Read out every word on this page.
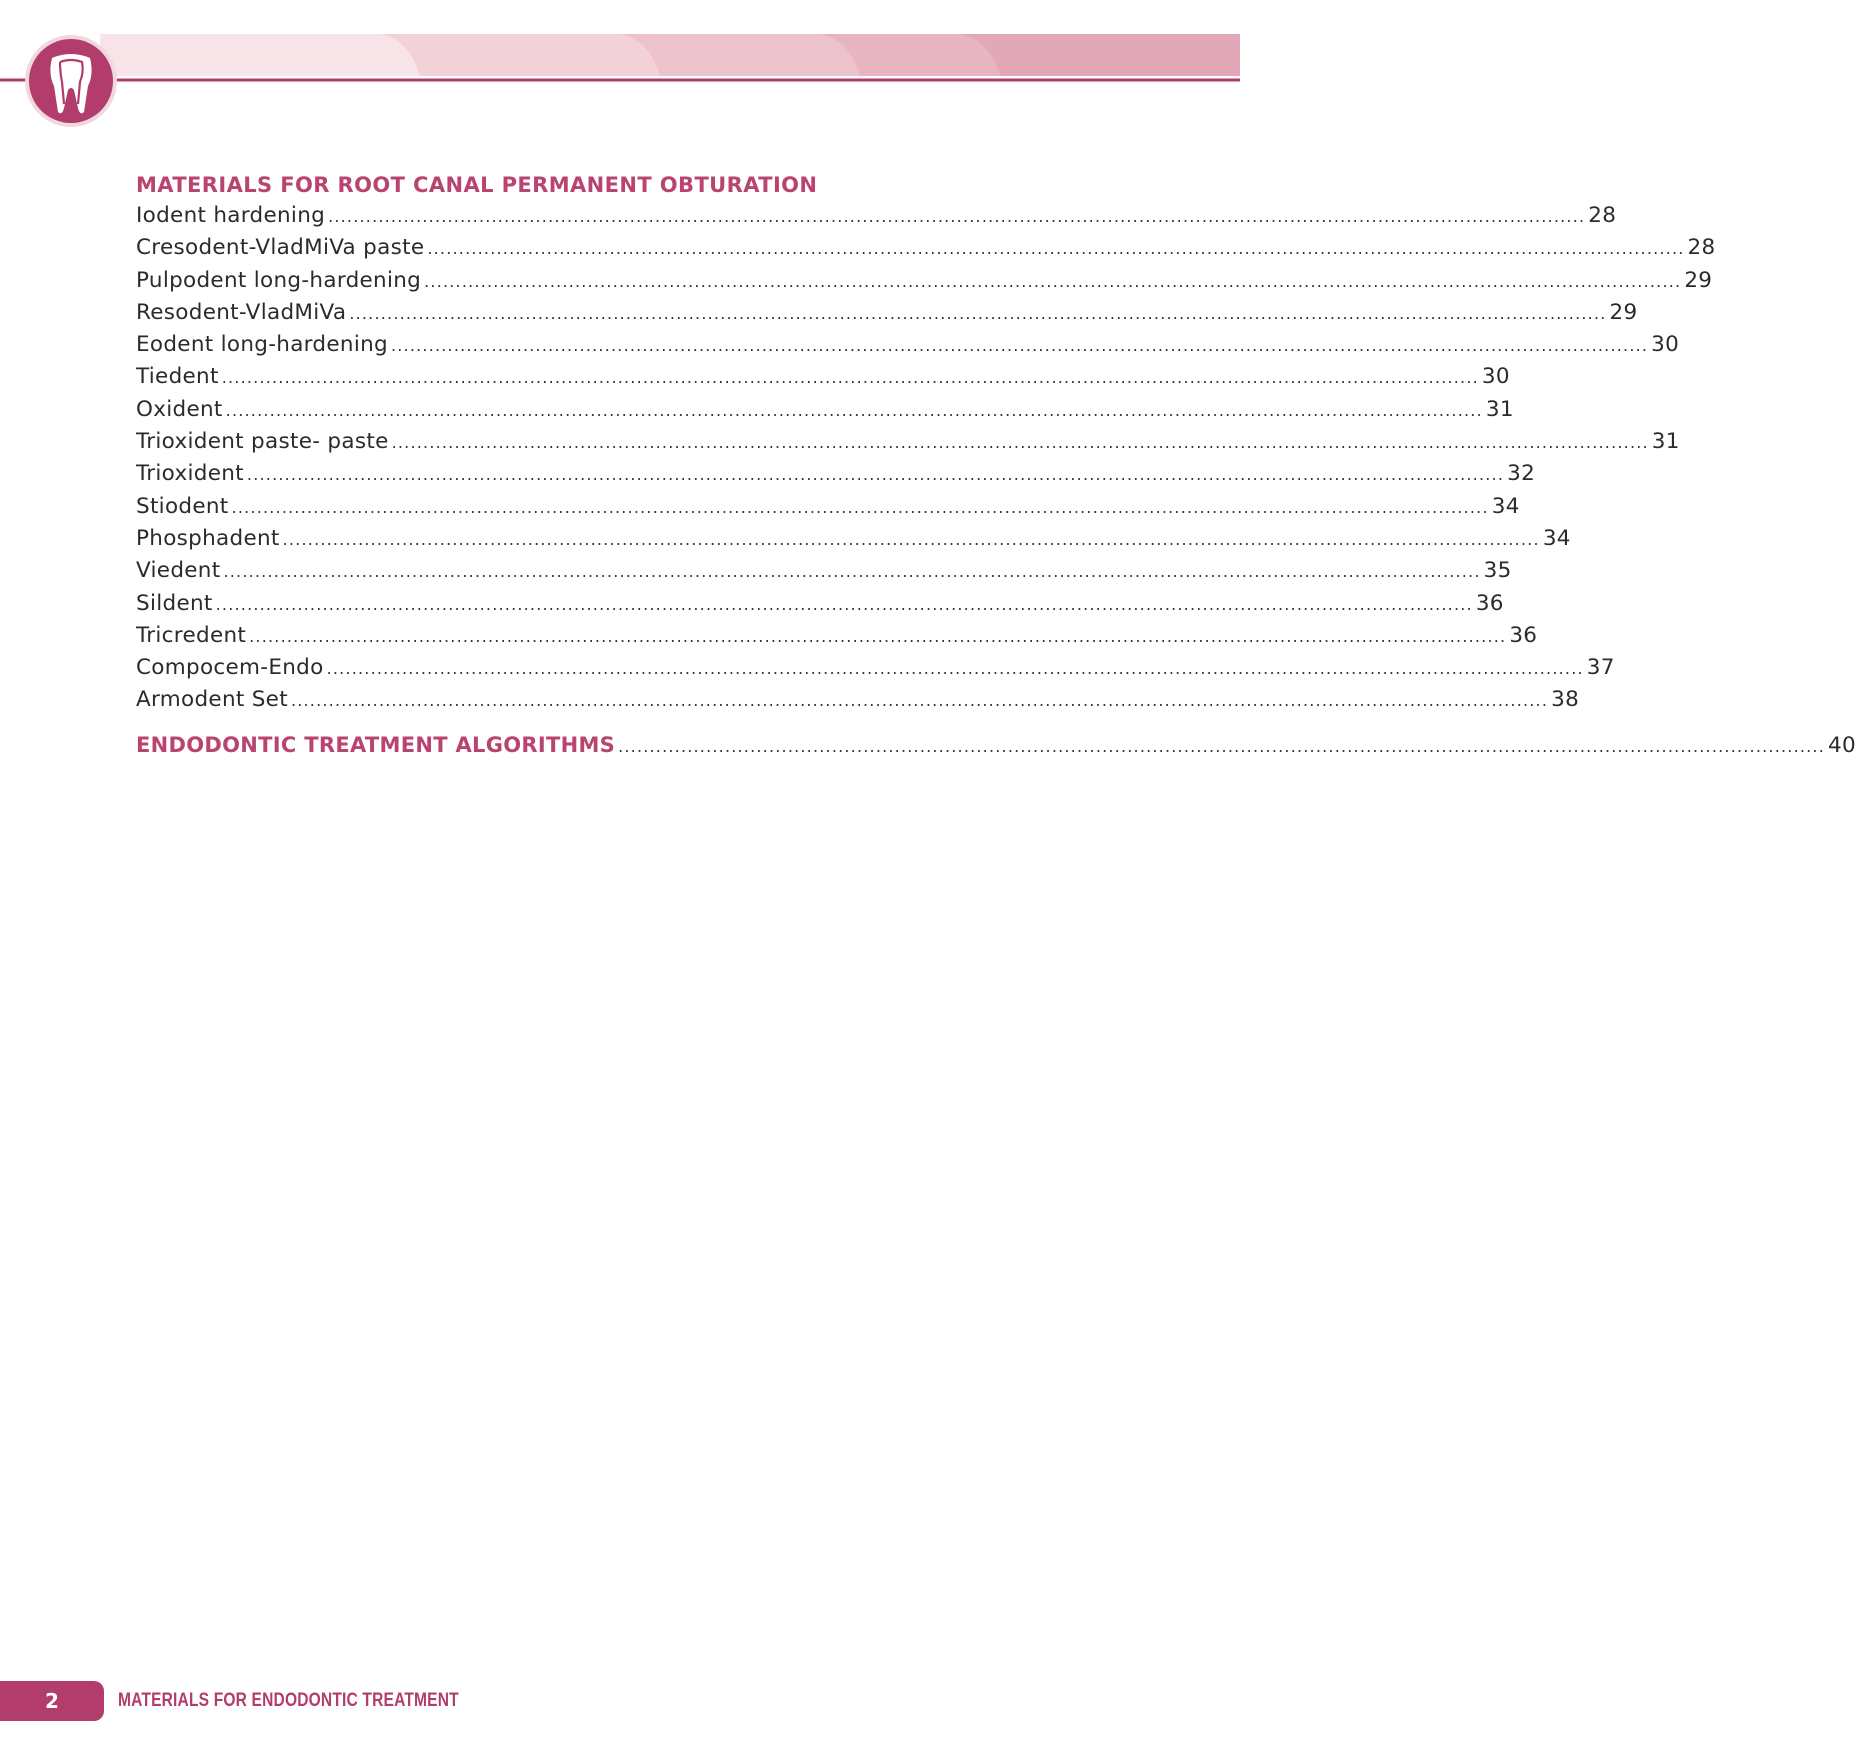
MATERIALS FOR ROOT CANAL PERMANENT OBTURATION
Iodent hardening ........................................................................................................................................................................................................ 28
Cresodent-VladMiVa paste ........................................................................................................................................................................................................ 28
Pulpodent long-hardening ........................................................................................................................................................................................................ 29
Resodent-VladMiVa ........................................................................................................................................................................................................ 29
Eodent long-hardening ........................................................................................................................................................................................................ 30
Tiedent ........................................................................................................................................................................................................ 30
Oxident ........................................................................................................................................................................................................ 31
Trioxident paste- paste ........................................................................................................................................................................................................ 31
Trioxident ........................................................................................................................................................................................................ 32
Stiodent ........................................................................................................................................................................................................ 34
Phosphadent ........................................................................................................................................................................................................ 34
Viedent ........................................................................................................................................................................................................ 35
Sildent ........................................................................................................................................................................................................ 36
Tricredent ........................................................................................................................................................................................................ 36
Compocem-Endo ........................................................................................................................................................................................................ 37
Armodent Set ........................................................................................................................................................................................................ 38
ENDODONTIC TREATMENT ALGORITHMS ................................................................................................................................................................................................ 40
2	MATERIALS FOR ENDODONTIC TREATMENT
